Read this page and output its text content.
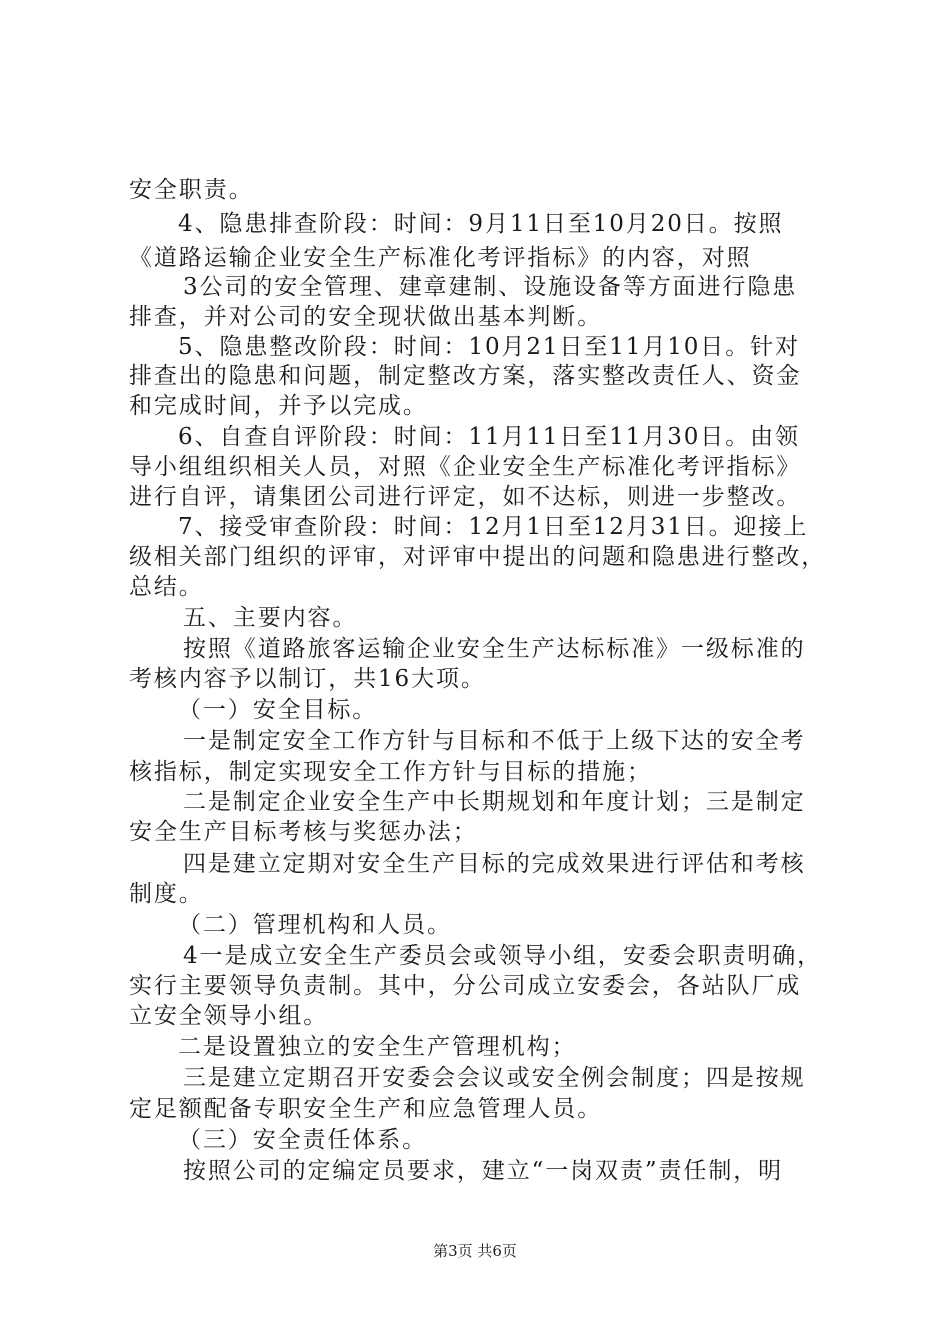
安全职责。
4、隐患排查阶段：时间：9月11日至10月20日。按照
《道路运输企业安全生产标准化考评指标》的内容，对照
3公司的安全管理、建章建制、设施设备等方面进行隐患
排查，并对公司的安全现状做出基本判断。
5、隐患整改阶段：时间：10月21日至11月10日。针对
排查出的隐患和问题，制定整改方案，落实整改责任人、资金
和完成时间，并予以完成。
6、自查自评阶段：时间：11月11日至11月30日。由领
导小组组织相关人员，对照《企业安全生产标准化考评指标》
进行自评，请集团公司进行评定，如不达标，则进一步整改。
7、接受审查阶段：时间：12月1日至12月31日。迎接上
级相关部门组织的评审，对评审中提出的问题和隐患进行整改，
总结。
五、主要内容。
按照《道路旅客运输企业安全生产达标标准》一级标准的
考核内容予以制订，共16大项。
（一）安全目标。
一是制定安全工作方针与目标和不低于上级下达的安全考
核指标，制定实现安全工作方针与目标的措施；
二是制定企业安全生产中长期规划和年度计划；三是制定
安全生产目标考核与奖惩办法；
四是建立定期对安全生产目标的完成效果进行评估和考核
制度。
（二）管理机构和人员。
4一是成立安全生产委员会或领导小组，安委会职责明确，
实行主要领导负责制。其中，分公司成立安委会，各站队厂成
立安全领导小组。
二是设置独立的安全生产管理机构；
三是建立定期召开安委会会议或安全例会制度；四是按规
定足额配备专职安全生产和应急管理人员。
（三）安全责任体系。
按照公司的定编定员要求，建立“一岗双责”责任制，明
第3页 共6页
